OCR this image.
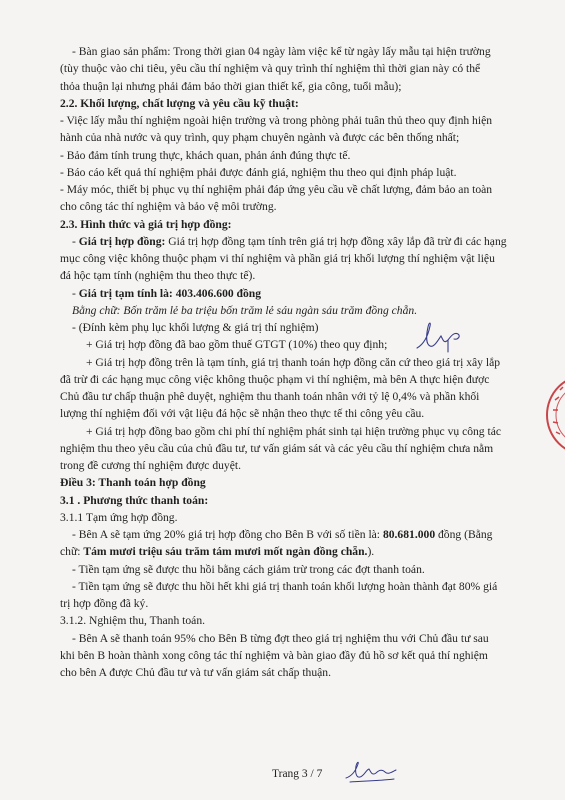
- Bàn giao sản phẩm: Trong thời gian 04 ngày làm việc kể từ ngày lấy mẫu tại hiện trường

(tùy thuộc vào chi tiêu, yêu cầu thí nghiệm và quy trình thí nghiệm thì thời gian này có thể

thỏa thuận lại nhưng phải đảm bảo thời gian thiết kế, gia công, tuổi mẫu);

2.2. Khối lượng, chất lượng và yêu cầu kỹ thuật:

- Việc lấy mẫu thí nghiệm ngoài hiện trường và trong phòng phải tuân thủ theo quy định hiện

hành của nhà nước và quy trình, quy phạm chuyên ngành và được các bên thống nhất;

- Bảo đảm tính trung thực, khách quan, phản ánh đúng thực tế.

- Báo cáo kết quả thí nghiệm phải được đánh giá, nghiệm thu theo qui định pháp luật.

- Máy móc, thiết bị phục vụ thí nghiệm phải đáp ứng yêu cầu về chất lượng, đảm bảo an toàn

cho công tác thí nghiệm và bảo vệ môi trường.

2.3. Hình thức và giá trị hợp đồng:

- Giá trị hợp đồng: Giá trị hợp đồng tạm tính trên giá trị hợp đồng xây lắp đã trừ đi các hạng

mục công việc không thuộc phạm vi thí nghiệm và phần giá trị khối lượng thí nghiệm vật liệu

đá hộc tạm tính (nghiệm thu theo thực tế).

- Giá trị tạm tính là: 403.406.600 đồng

Bằng chữ: Bốn trăm lẻ ba triệu bốn trăm lẻ sáu ngàn sáu trăm đồng chẵn.

- (Đính kèm phụ lục khối lượng & giá trị thí nghiệm)

+ Giá trị hợp đồng đã bao gồm thuế GTGT (10%) theo quy định;

+ Giá trị hợp đồng trên là tạm tính, giá trị thanh toán hợp đồng căn cứ theo giá trị xây lắp

đã trừ đi các hạng mục công việc không thuộc phạm vi thí nghiệm, mà bên A thực hiện được

Chủ đầu tư chấp thuận phê duyệt, nghiệm thu thanh toán nhân với tỷ lệ 0,4% và phần khối

lượng thí nghiệm đối với vật liệu đá hộc sẽ nhận theo thực tế thi công yêu cầu.

+ Giá trị hợp đồng bao gồm chi phí thí nghiệm phát sinh tại hiện trường phục vụ công tác

nghiệm thu theo yêu cầu của chủ đầu tư, tư vấn giám sát và các yêu cầu thí nghiệm chưa nằm

trong đề cương thí nghiệm được duyệt.

Điều 3: Thanh toán hợp đồng

3.1 . Phương thức thanh toán:

3.1.1 Tạm ứng hợp đồng.

- Bên A sẽ tạm ứng 20% giá trị hợp đồng cho Bên B với số tiền là: 80.681.000 đồng (Bằng

chữ: Tám mươi triệu sáu trăm tám mươi mốt ngàn đồng chẵn.).

- Tiền tạm ứng sẽ được thu hồi bằng cách giảm trừ trong các đợt thanh toán.

- Tiền tạm ứng sẽ được thu hồi hết khi giá trị thanh toán khối lượng hoàn thành đạt 80% giá

trị hợp đồng đã ký.

3.1.2. Nghiệm thu, Thanh toán.

- Bên A sẽ thanh toán 95% cho Bên B từng đợt theo giá trị nghiệm thu với Chủ đầu tư sau

khi bên B hoàn thành xong công tác thí nghiệm và bàn giao đầy đủ hồ sơ kết quả thí nghiệm

cho bên A được Chủ đầu tư và tư vấn giám sát chấp thuận.

Trang 3 / 7
